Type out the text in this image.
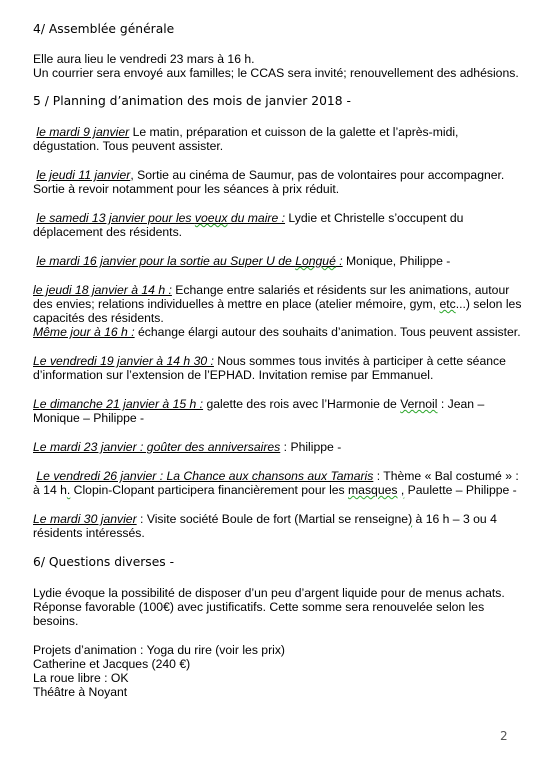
4/ Assemblée générale

Elle aura lieu le vendredi 23 mars à 16 h.

Un courrier sera envoyé aux familles; le CCAS sera invité; renouvellement des adhésions.

5 / Planning d’animation des mois de janvier 2018 -

le mardi 9 janvier Le matin, préparation et cuisson de la galette et l’après-midi, dégustation. Tous peuvent assister.

le jeudi 11 janvier, Sortie au cinéma de Saumur, pas de volontaires pour accompagner. Sortie à revoir notamment pour les séances à prix réduit.

le samedi 13 janvier pour les voeux du maire : Lydie et Christelle s’occupent du déplacement des résidents.

le mardi 16 janvier pour la sortie au Super U de Longué : Monique, Philippe -

le jeudi 18 janvier à 14 h : Echange entre salariés et résidents sur les animations, autour des envies; relations individuelles à mettre en place (atelier mémoire, gym, etc...) selon les capacités des résidents.

Même jour à 16 h : échange élargi autour des souhaits d’animation. Tous peuvent assister.

Le vendredi 19 janvier à 14 h 30 : Nous sommes tous invités à participer à cette séance d’information sur l’extension de l’EPHAD. Invitation remise par Emmanuel.

Le dimanche 21 janvier à 15 h : galette des rois avec l’Harmonie de Vernoil : Jean – Monique – Philippe -

Le mardi 23 janvier : goûter des anniversaires : Philippe -

Le vendredi 26 janvier : La Chance aux chansons aux Tamaris : Thème « Bal costumé » : à 14 h. Clopin-Clopant participera financièrement pour les masques , Paulette – Philippe -

Le mardi 30 janvier : Visite société Boule de fort (Martial se renseigne) à 16 h – 3 ou 4 résidents intéressés.

6/ Questions diverses -

Lydie évoque la possibilité de disposer d’un peu d’argent liquide pour de menus achats. Réponse favorable (100€) avec justificatifs. Cette somme sera renouvelée selon les besoins.

Projets d’animation : Yoga du rire (voir les prix)

Catherine et Jacques (240 €)

La roue libre : OK

Théâtre à Noyant

2
